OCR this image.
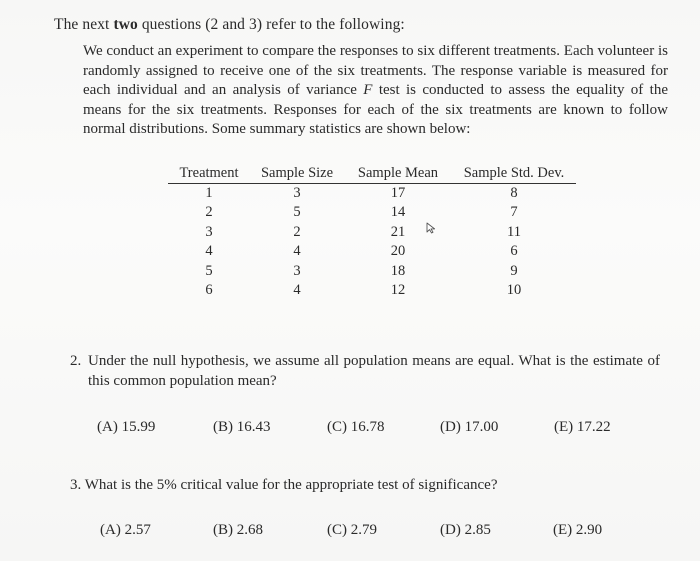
The next two questions (2 and 3) refer to the following:
We conduct an experiment to compare the responses to six different treatments. Each volunteer is randomly assigned to receive one of the six treatments. The response variable is measured for each individual and an analysis of variance F test is conducted to assess the equality of the means for the six treatments. Responses for each of the six treatments are known to follow normal distributions. Some summary statistics are shown below:
Treatment	Sample Size	Sample Mean	Sample Std. Dev.
1	3	17	8
2	5	14	7
3	2	21	11
4	4	20	6
5	3	18	9
6	4	12	10
2. Under the null hypothesis, we assume all population means are equal. What is the estimate of this common population mean?
(A) 15.99	(B) 16.43	(C) 16.78	(D) 17.00	(E) 17.22
3. What is the 5% critical value for the appropriate test of significance?
(A) 2.57	(B) 2.68	(C) 2.79	(D) 2.85	(E) 2.90
